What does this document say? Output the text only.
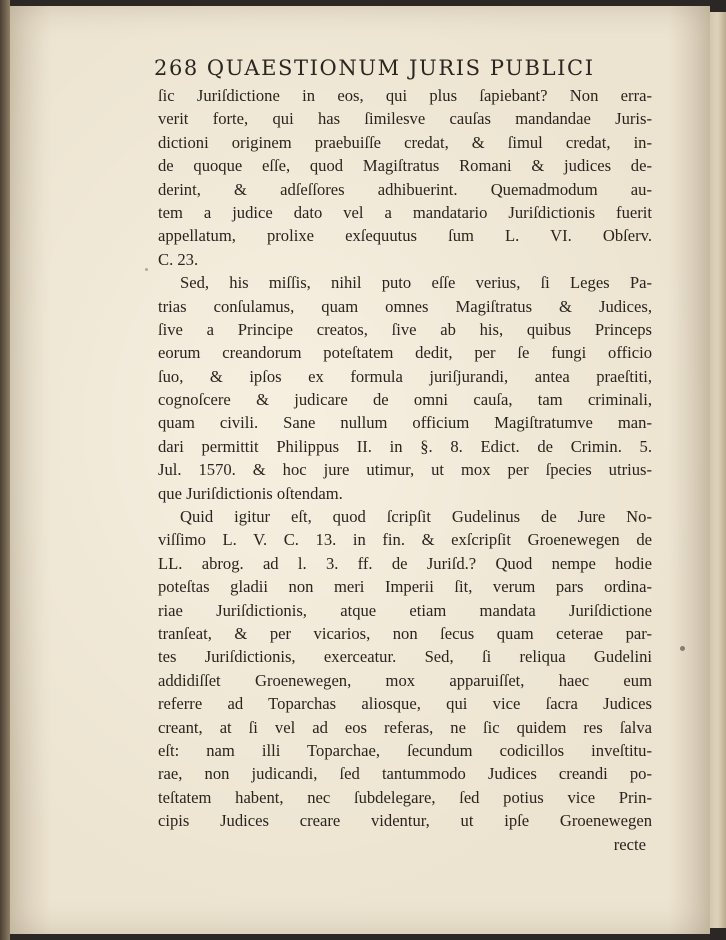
268 QUAESTIONUM JURIS PUBLICI
ſic Juriſdictione in eos, qui plus ſapiebant? Non erra-
verit forte, qui has ſimilesve cauſas mandandae Juris-
dictioni originem praebuiſſe credat, & ſimul credat, in-
de quoque eſſe, quod Magiſtratus Romani & judices de-
derint, & adſeſſores adhibuerint. Quemadmodum au-
tem a judice dato vel a mandatario Juriſdictionis fuerit
appellatum, prolixe exſequutus ſum L. VI. Obſerv.
C. 23.
Sed, his miſſis, nihil puto eſſe verius, ſi Leges Pa-
trias conſulamus, quam omnes Magiſtratus & Judices,
ſive a Principe creatos, ſive ab his, quibus Princeps
eorum creandorum poteſtatem dedit, per ſe fungi officio
ſuo, & ipſos ex formula juriſjurandi, antea praeſtiti,
cognoſcere & judicare de omni cauſa, tam criminali,
quam civili. Sane nullum officium Magiſtratumve man-
dari permittit Philippus II. in §. 8. Edict. de Crimin. 5.
Jul. 1570. & hoc jure utimur, ut mox per ſpecies utrius-
que Juriſdictionis oſtendam.
Quid igitur eſt, quod ſcripſit Gudelinus de Jure No-
viſſimo L. V. C. 13. in fin. & exſcripſit Groenewegen de
LL. abrog. ad l. 3. ff. de Juriſd.? Quod nempe hodie
poteſtas gladii non meri Imperii ſit, verum pars ordina-
riae Juriſdictionis, atque etiam mandata Juriſdictione
tranſeat, & per vicarios, non ſecus quam ceterae par-
tes Juriſdictionis, exerceatur. Sed, ſi reliqua Gudelini
addidiſſet Groenewegen, mox apparuiſſet, haec eum
referre ad Toparchas aliosque, qui vice ſacra Judices
creant, at ſi vel ad eos referas, ne ſic quidem res ſalva
eſt: nam illi Toparchae, ſecundum codicillos inveſtitu-
rae, non judicandi, ſed tantummodo Judices creandi po-
teſtatem habent, nec ſubdelegare, ſed potius vice Prin-
cipis Judices creare videntur, ut ipſe Groenewegen
recte
